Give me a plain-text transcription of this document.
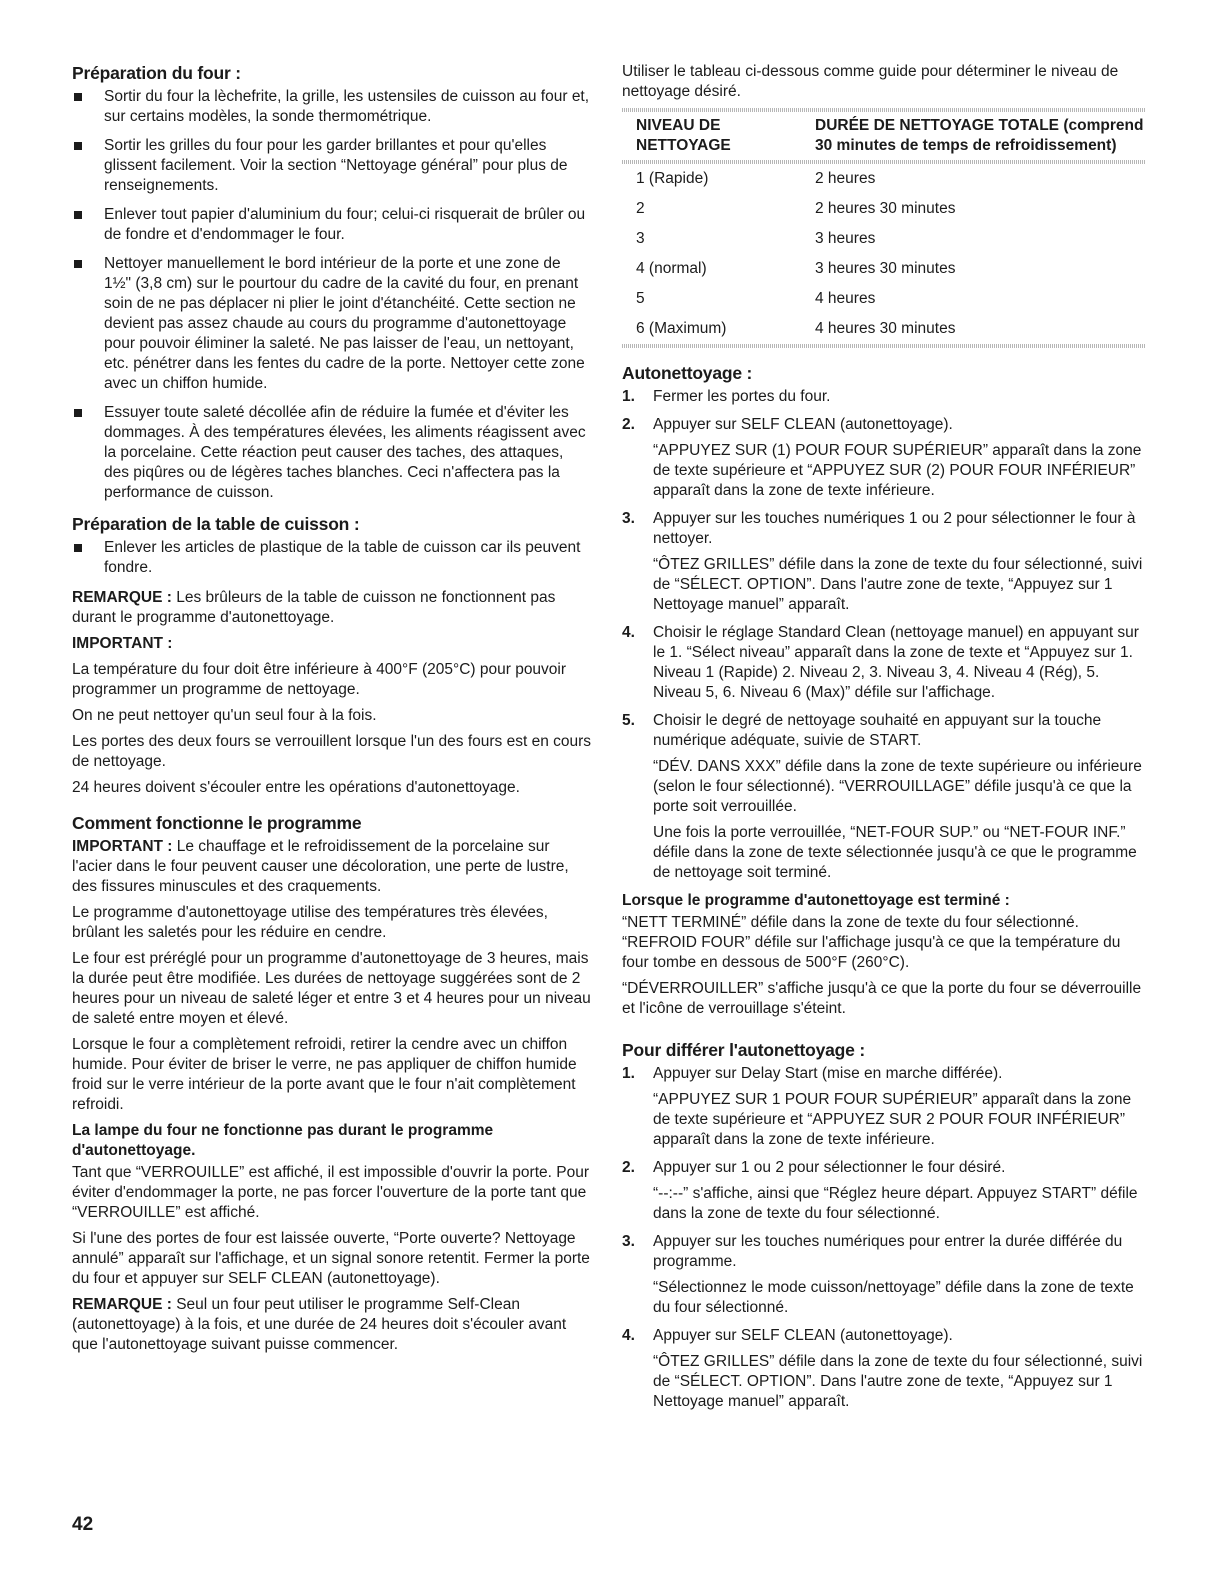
Préparation du four :
Sortir du four la lèchefrite, la grille, les ustensiles de cuisson au four et, sur certains modèles, la sonde thermométrique.
Sortir les grilles du four pour les garder brillantes et pour qu'elles glissent facilement. Voir la section “Nettoyage général” pour plus de renseignements.
Enlever tout papier d'aluminium du four; celui-ci risquerait de brûler ou de fondre et d'endommager le four.
Nettoyer manuellement le bord intérieur de la porte et une zone de 1½" (3,8 cm) sur le pourtour du cadre de la cavité du four, en prenant soin de ne pas déplacer ni plier le joint d'étanchéité. Cette section ne devient pas assez chaude au cours du programme d'autonettoyage pour pouvoir éliminer la saleté. Ne pas laisser de l'eau, un nettoyant, etc. pénétrer dans les fentes du cadre de la porte. Nettoyer cette zone avec un chiffon humide.
Essuyer toute saleté décollée afin de réduire la fumée et d'éviter les dommages. À des températures élevées, les aliments réagissent avec la porcelaine. Cette réaction peut causer des taches, des attaques, des piqûres ou de légères taches blanches. Ceci n'affectera pas la performance de cuisson.
Préparation de la table de cuisson :
Enlever les articles de plastique de la table de cuisson car ils peuvent fondre.

REMARQUE : Les brûleurs de la table de cuisson ne fonctionnent pas durant le programme d'autonettoyage.

IMPORTANT :

La température du four doit être inférieure à 400°F (205°C) pour pouvoir programmer un programme de nettoyage.

On ne peut nettoyer qu'un seul four à la fois.

Les portes des deux fours se verrouillent lorsque l'un des fours est en cours de nettoyage.

24 heures doivent s'écouler entre les opérations d'autonettoyage.

Comment fonctionne le programme

IMPORTANT : Le chauffage et le refroidissement de la porcelaine sur l'acier dans le four peuvent causer une décoloration, une perte de lustre, des fissures minuscules et des craquements.

Le programme d'autonettoyage utilise des températures très élevées, brûlant les saletés pour les réduire en cendre.

Le four est préréglé pour un programme d'autonettoyage de 3 heures, mais la durée peut être modifiée. Les durées de nettoyage suggérées sont de 2 heures pour un niveau de saleté léger et entre 3 et 4 heures pour un niveau de saleté entre moyen et élevé.

Lorsque le four a complètement refroidi, retirer la cendre avec un chiffon humide. Pour éviter de briser le verre, ne pas appliquer de chiffon humide froid sur le verre intérieur de la porte avant que le four n'ait complètement refroidi.

La lampe du four ne fonctionne pas durant le programme d'autonettoyage.

Tant que “VERROUILLE” est affiché, il est impossible d'ouvrir la porte. Pour éviter d'endommager la porte, ne pas forcer l'ouverture de la porte tant que “VERROUILLE” est affiché.

Si l'une des portes de four est laissée ouverte, “Porte ouverte? Nettoyage annulé” apparaît sur l'affichage, et un signal sonore retentit. Fermer la porte du four et appuyer sur SELF CLEAN (autonettoyage).

REMARQUE : Seul un four peut utiliser le programme Self-Clean (autonettoyage) à la fois, et une durée de 24 heures doit s'écouler avant que l'autonettoyage suivant puisse commencer.

Utiliser le tableau ci-dessous comme guide pour déterminer le niveau de nettoyage désiré.

NIVEAU DE NETTOYAGE	DURÉE DE NETTOYAGE TOTALE (comprend 30 minutes de temps de refroidissement)

1 (Rapide)	2 heures
2	2 heures 30 minutes
3	3 heures
4 (normal)	3 heures 30 minutes
5	4 heures
6 (Maximum)	4 heures 30 minutes

Autonettoyage :
1. Fermer les portes du four.

2. Appuyer sur SELF CLEAN (autonettoyage).

“APPUYEZ SUR (1) POUR FOUR SUPÉRIEUR” apparaît dans la zone de texte supérieure et “APPUYEZ SUR (2) POUR FOUR INFÉRIEUR” apparaît dans la zone de texte inférieure.

3. Appuyer sur les touches numériques 1 ou 2 pour sélectionner le four à nettoyer.

“ÔTEZ GRILLES” défile dans la zone de texte du four sélectionné, suivi de “SÉLECT. OPTION”. Dans l'autre zone de texte, “Appuyez sur 1 Nettoyage manuel” apparaît.

4. Choisir le réglage Standard Clean (nettoyage manuel) en appuyant sur le 1. “Sélect niveau” apparaît dans la zone de texte et “Appuyez sur 1. Niveau 1 (Rapide) 2. Niveau 2, 3. Niveau 3, 4. Niveau 4 (Rég), 5. Niveau 5, 6. Niveau 6 (Max)” défile sur l'affichage.

5. Choisir le degré de nettoyage souhaité en appuyant sur la touche numérique adéquate, suivie de START.

“DÉV. DANS XXX” défile dans la zone de texte supérieure ou inférieure (selon le four sélectionné). “VERROUILLAGE” défile jusqu'à ce que la porte soit verrouillée.

Une fois la porte verrouillée, “NET-FOUR SUP.” ou “NET-FOUR INF.” défile dans la zone de texte sélectionnée jusqu'à ce que le programme de nettoyage soit terminé.

Lorsque le programme d'autonettoyage est terminé :

“NETT TERMINÉ” défile dans la zone de texte du four sélectionné. “REFROID FOUR” défile sur l'affichage jusqu'à ce que la température du four tombe en dessous de 500°F (260°C).

“DÉVERROUILLER” s'affiche jusqu'à ce que la porte du four se déverrouille et l'icône de verrouillage s'éteint.

Pour différer l'autonettoyage :
1. Appuyer sur Delay Start (mise en marche différée).

“APPUYEZ SUR 1 POUR FOUR SUPÉRIEUR” apparaît dans la zone de texte supérieure et “APPUYEZ SUR 2 POUR FOUR INFÉRIEUR” apparaît dans la zone de texte inférieure.

2. Appuyer sur 1 ou 2 pour sélectionner le four désiré.

“--:--” s'affiche, ainsi que “Réglez heure départ. Appuyez START” défile dans la zone de texte du four sélectionné.

3. Appuyer sur les touches numériques pour entrer la durée différée du programme.

“Sélectionnez le mode cuisson/nettoyage” défile dans la zone de texte du four sélectionné.

4. Appuyer sur SELF CLEAN (autonettoyage).

“ÔTEZ GRILLES” défile dans la zone de texte du four sélectionné, suivi de “SÉLECT. OPTION”. Dans l'autre zone de texte, “Appuyez sur 1 Nettoyage manuel” apparaît.

42
